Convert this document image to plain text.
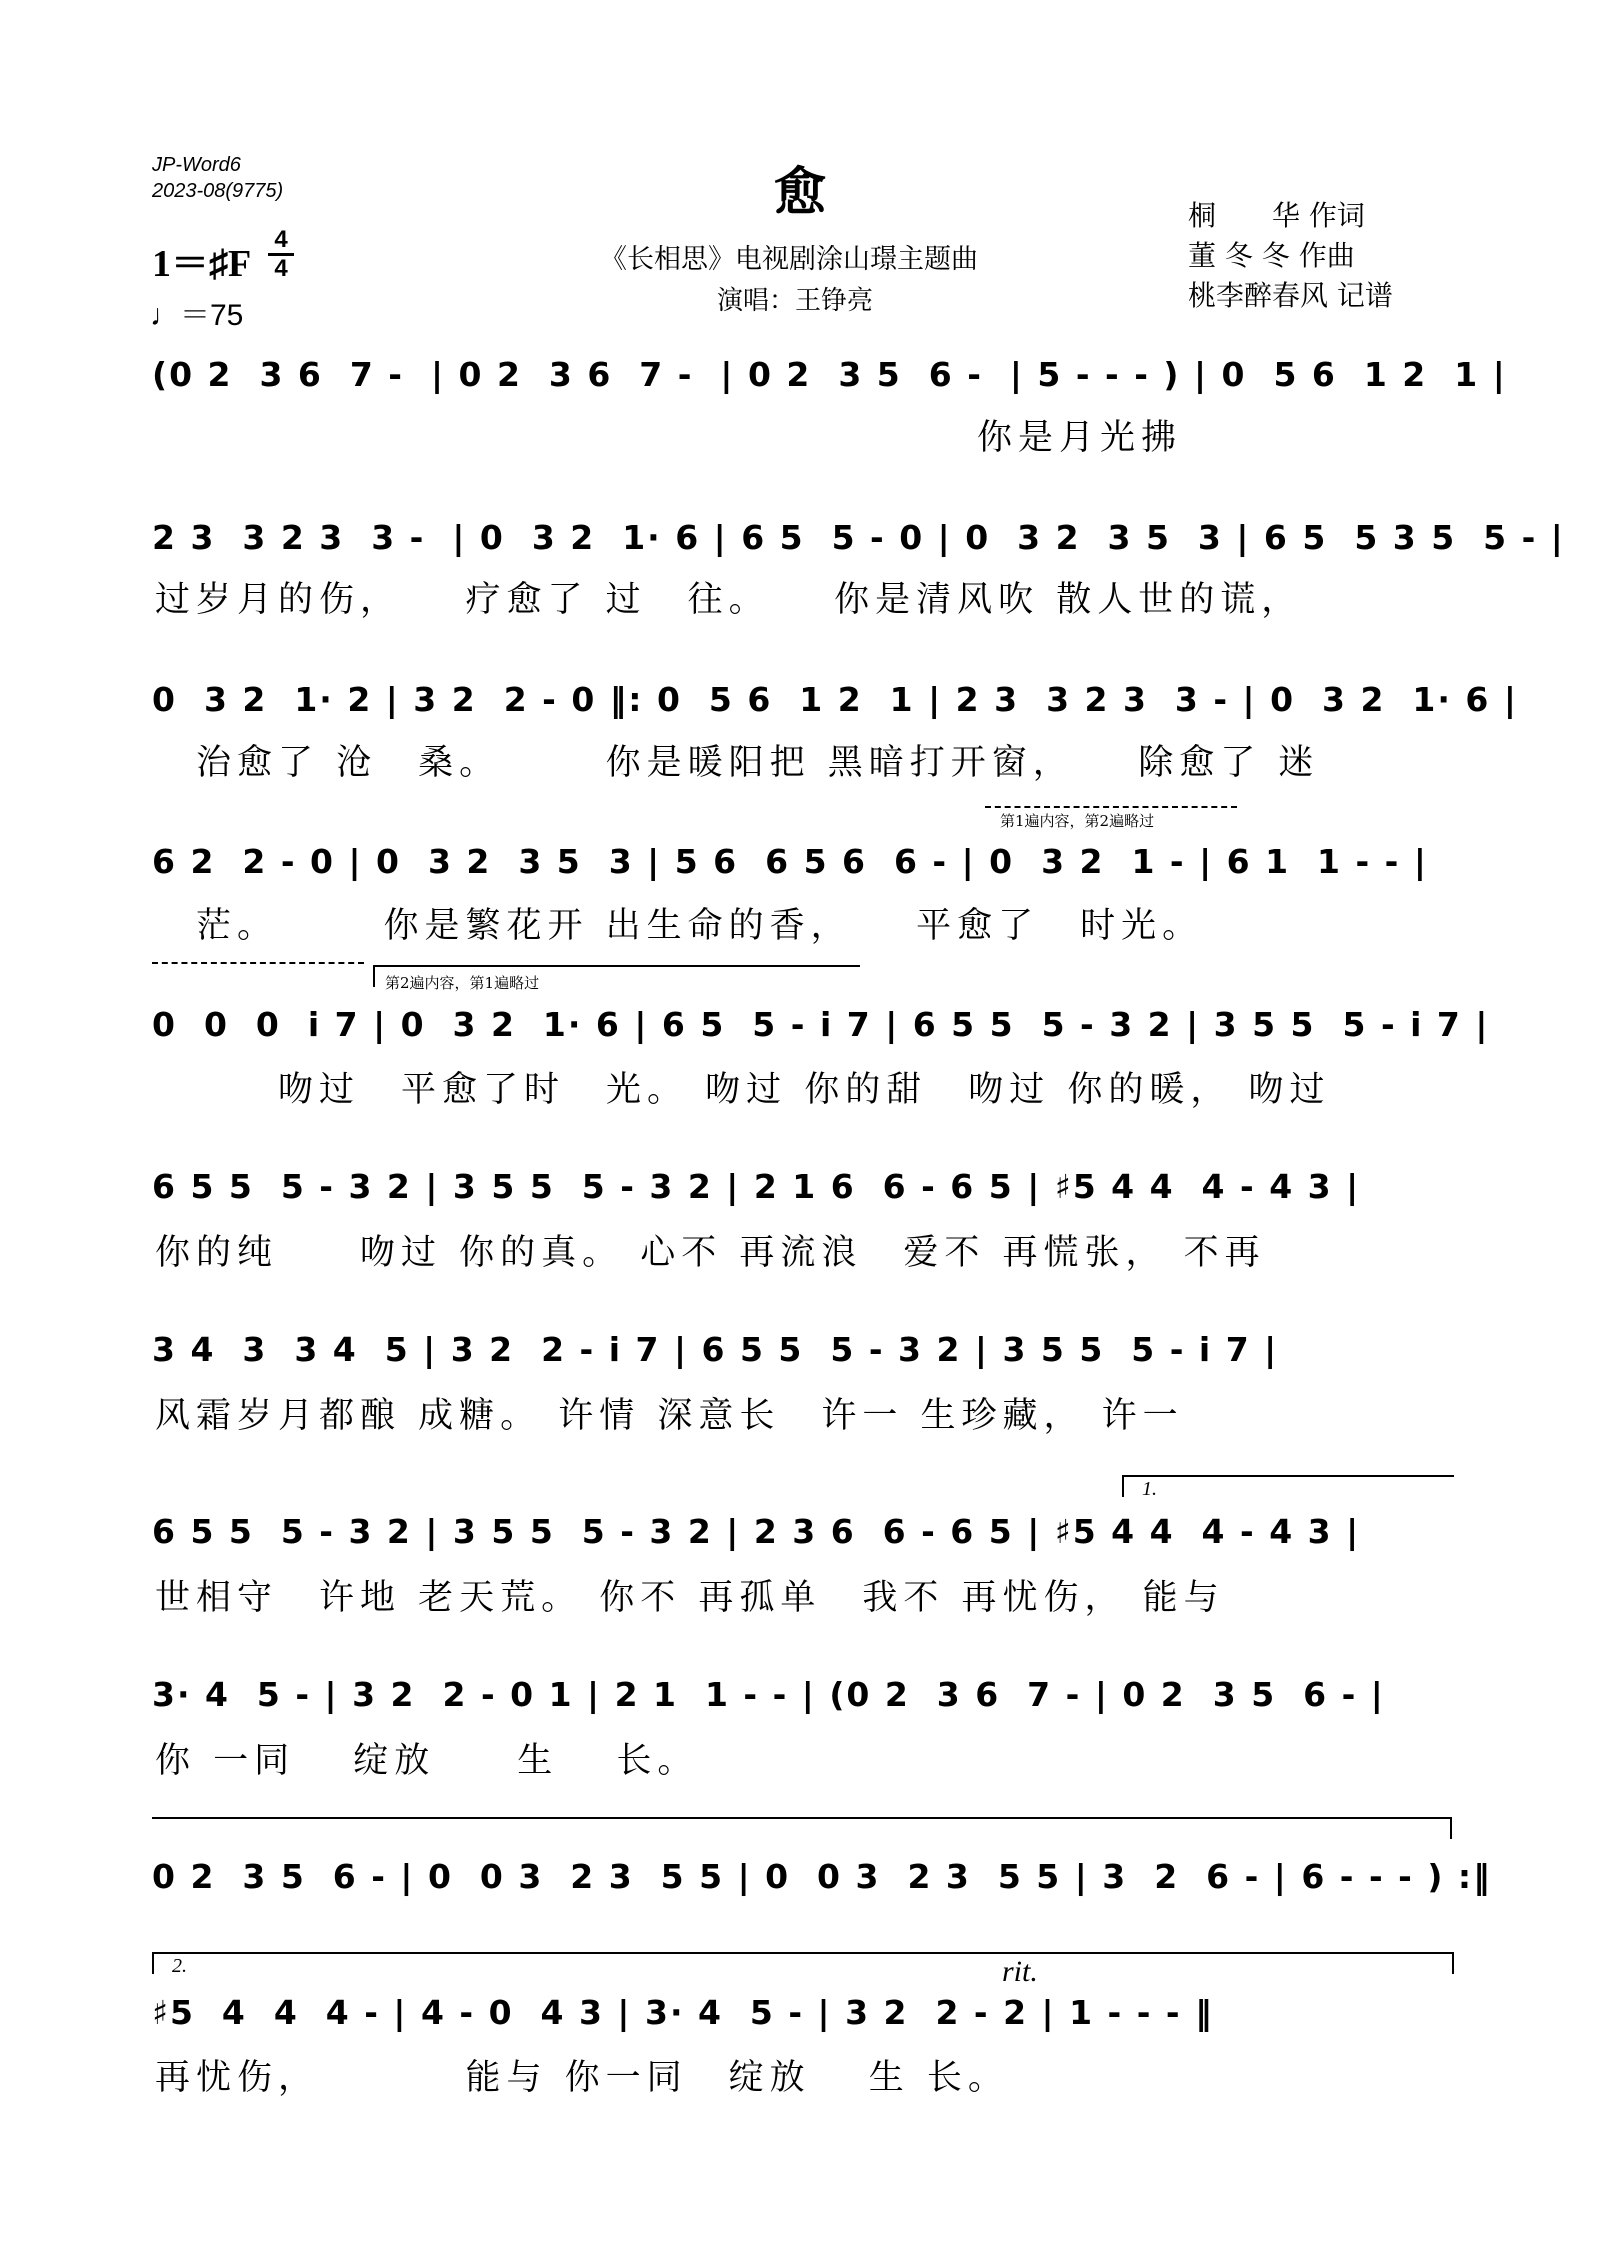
JP-Word6
2023-08(9775)	愈
《长相思》电视剧涂山璟主题曲
演唱：王铮亮
桐　　华 作词
董 冬 冬 作曲
桃李醉春风 记谱
1＝♯F
4
4
♩＝75
(0 2  3 6  7 -  | 0 2  3 6  7 -  | 0 2  3 5  6 -  | 5 - - - ) | 0  5 6  1 2  1 |
你是月光拂
2 3  3 2 3  3 -  | 0  3 2  1· 6 | 6 5  5 - 0 | 0  3 2  3 5  3 | 6 5  5 3 5  5 - |
过岁月的伤，　　疗愈了 过　往。　　你是清风吹 散人世的谎，
0  3 2  1· 2 | 3 2  2 - 0 ‖: 0  5 6  1 2  1 | 2 3  3 2 3  3 - | 0  3 2  1· 6 |
　治愈了 沧　桑。　　　你是暖阳把 黑暗打开窗，　　除愈了 迷
第1遍内容，第2遍略过
6 2  2 - 0 | 0  3 2  3 5  3 | 5 6  6 5 6  6 - | 0  3 2  1 - | 6 1  1 - - |
　茫。　　　你是繁花开 出生命的香，　　平愈了　时光。
第2遍内容，第1遍略过
0  0  0  i 7 | 0  3 2  1· 6 | 6 5  5 - i 7 | 6 5 5  5 - 3 2 | 3 5 5  5 - i 7 |
　　　吻过　平愈了时　光。 吻过 你的甜　吻过 你的暖， 吻过
6 5 5  5 - 3 2 | 3 5 5  5 - 3 2 | 2 1 6  6 - 6 5 | ♯5 4 4  4 - 4 3 |
你的纯　　吻过 你的真。 心不 再流浪　爱不 再慌张， 不再
3 4  3  3 4  5 | 3 2  2 - i 7 | 6 5 5  5 - 3 2 | 3 5 5  5 - i 7 |
风霜岁月都酿 成糖。 许情 深意长　许一 生珍藏， 许一
1.
6 5 5  5 - 3 2 | 3 5 5  5 - 3 2 | 2 3 6  6 - 6 5 | ♯5 4 4  4 - 4 3 |
世相守　许地 老天荒。 你不 再孤单　我不 再忧伤， 能与
3· 4  5 - | 3 2  2 - 0 1 | 2 1  1 - - | (0 2  3 6  7 - | 0 2  3 5  6 - |
你 一同　 绽放　　生　 长。
0 2  3 5  6 - | 0  0 3  2 3  5 5 | 0  0 3  2 3  5 5 | 3  2  6 - | 6 - - - ) :‖
2.	rit.
♯5  4  4  4 - | 4 - 0  4 3 | 3· 4  5 - | 3 2  2 - 2 | 1 - - - ‖
再忧伤，　　　　能与 你一同　绽放　 生 长。
